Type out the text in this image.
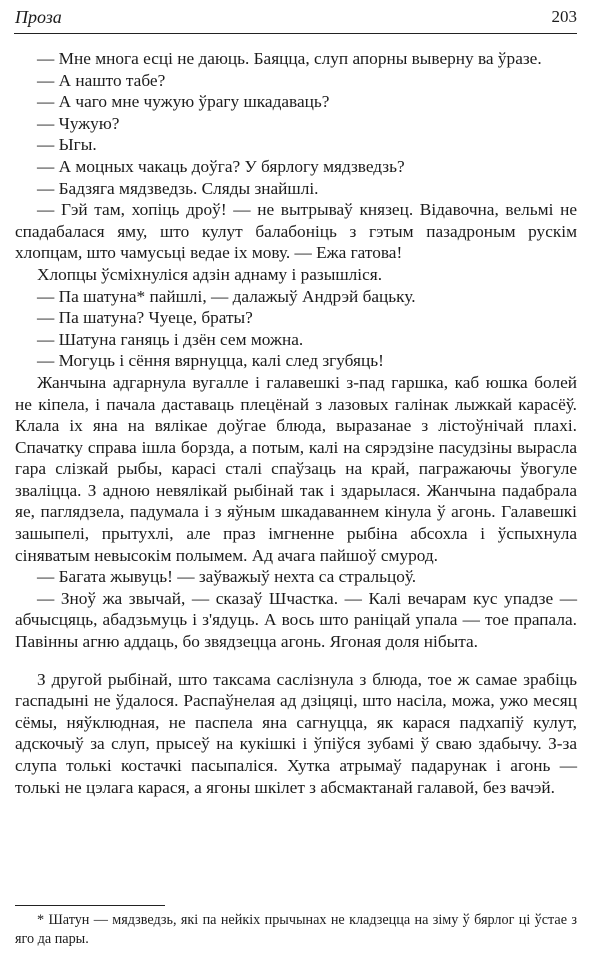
Проза	203

— Мне многа есці не даюць. Баяцца, слуп апорны выверну ва ўразе.

— А нашто табе?

— А чаго мне чужую ўрагу шкадаваць?

— Чужую?

— Ыгы.

— А моцных чакаць доўга? У бярлогу мядзведзь?

— Бадзяга мядзведзь. Сляды знайшлі.

— Гэй там, хопіць дроў! — не вытрываў князец. Відавочна, вельмі не спадабалася яму, што кулут балабоніць з гэтым пазадроным рускім хлопцам, што чамусьці ведае іх мову. — Ежа гатова!

Хлопцы ўсміхнуліся адзін аднаму і разышліся.

— Па шатуна* пайшлі, — далажыў Андрэй бацьку.

— Па шатуна? Чуеце, браты?

— Шатуна ганяць і дзён сем можна.

— Могуць і сёння вярнуцца, калі след згубяць!

Жанчына адгарнула вугалле і галавешкі з-пад гаршка, каб юшка болей не кіпела, і пачала даставаць плецёнай з лазовых галінак лыжкай карасёў. Клала іх яна на вялікае доўгае блюда, выразанае з лістоўнічай плахі. Спачатку справа ішла борзда, а потым, калі на сярэдзіне пасудзіны вырасла гара слізкай рыбы, карасі сталі спаўзаць на край, пагражаючы ўвогуле зваліцца. З адною невялікай рыбінай так і здарылася. Жанчына падабрала яе, паглядзела, падумала і з яўным шкадаваннем кінула ў агонь. Галавешкі зашыпелі, прытухлі, але праз імгненне рыбіна абсохла і ўспыхнула сіняватым невысокім полымем. Ад ачага пайшоў смурод.

— Багата жывуць! — заўважыў нехта са стральцоў.

— Зноў жа звычай, — сказаў Шчастка. — Калі вечарам кус упадзе — абчысцяць, абадзьмуць і з'ядуць. А вось што раніцай упала — тое прапала. Павінны агню аддаць, бо звядзецца агонь. Ягоная доля нібыта.

З другой рыбінай, што таксама саслізнула з блюда, тое ж самае зрабіць гаспадыні не ўдалося. Распаўнелая ад дзіцяці, што насіла, можа, ужо месяц сёмы, няўклюдная, не паспела яна сагнуцца, як карася падхапіў кулут, адскочыў за слуп, прысеў на кукішкі і ўпіўся зубамі ў сваю здабычу. З-за слупа толькі костачкі пасыпаліся. Хутка атрымаў падарунак і агонь — толькі не цэлага карася, а ягоны шкілет з абсмактанай галавой, без вачэй.

* Шатун — мядзведзь, які па нейкіх прычынах не кладзецца на зіму ў бярлог ці ўстае з яго да пары.
